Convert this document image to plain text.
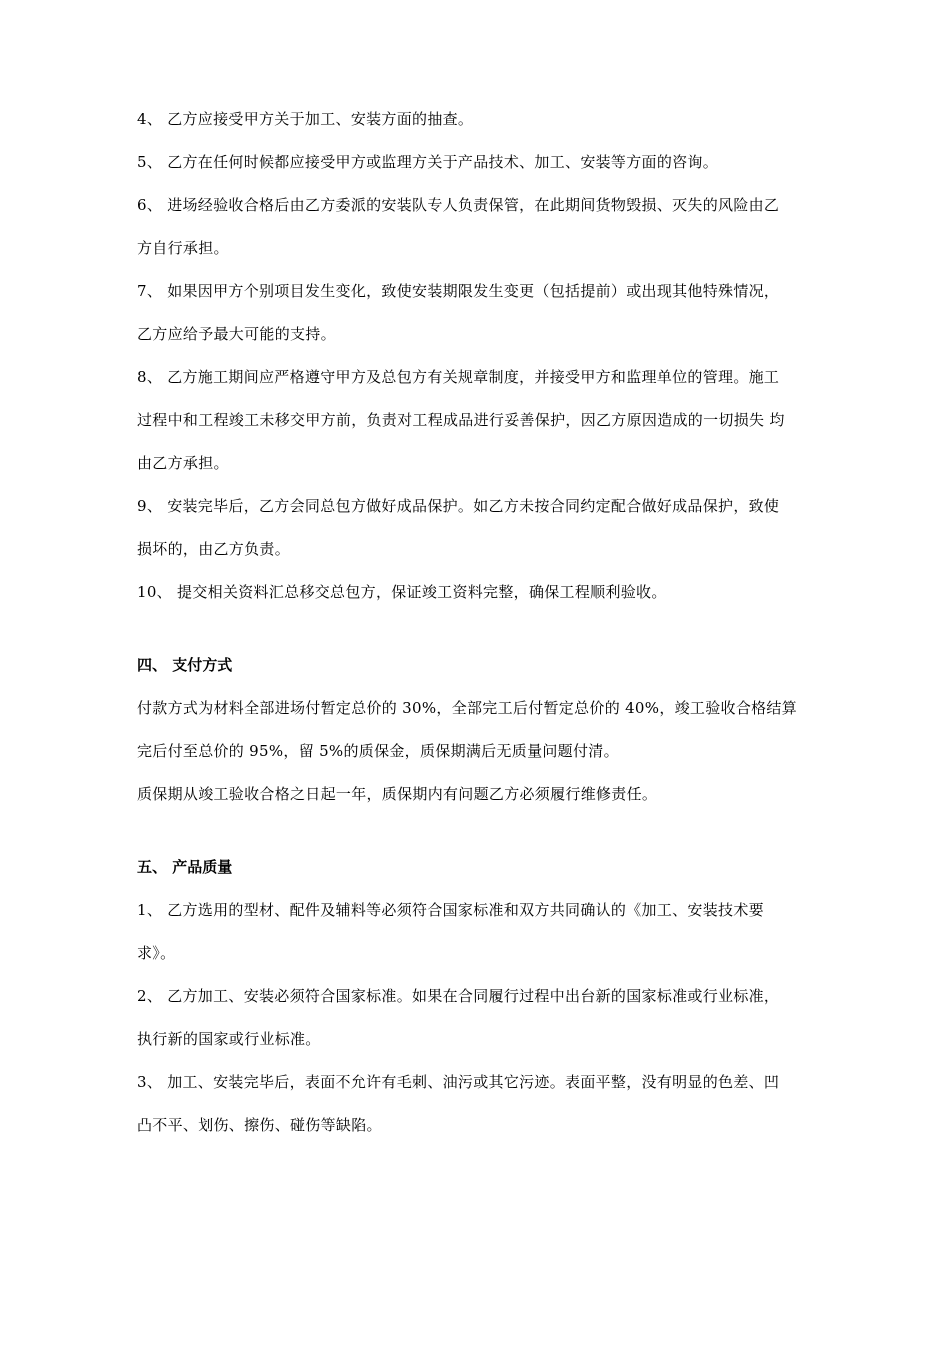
4、 乙方应接受甲方关于加工、安装方面的抽查。

5、 乙方在任何时候都应接受甲方或监理方关于产品技术、加工、安装等方面的咨询。

6、 进场经验收合格后由乙方委派的安装队专人负责保管，在此期间货物毁损、灭失的风险由乙
方自行承担。

7、 如果因甲方个别项目发生变化，致使安装期限发生变更（包括提前）或出现其他特殊情况，
乙方应给予最大可能的支持。

8、 乙方施工期间应严格遵守甲方及总包方有关规章制度，并接受甲方和监理单位的管理。施工
过程中和工程竣工未移交甲方前，负责对工程成品进行妥善保护，因乙方原因造成的一切损失 均
由乙方承担。

9、 安装完毕后，乙方会同总包方做好成品保护。如乙方未按合同约定配合做好成品保护，致使
损坏的，由乙方负责。

10、 提交相关资料汇总移交总包方，保证竣工资料完整，确保工程顺利验收。

四、 支付方式

付款方式为材料全部进场付暂定总价的 30%，全部完工后付暂定总价的 40%，竣工验收合格结算
完后付至总价的 95%，留 5%的质保金，质保期满后无质量问题付清。

质保期从竣工验收合格之日起一年，质保期内有问题乙方必须履行维修责任。

五、 产品质量

1、 乙方选用的型材、配件及辅料等必须符合国家标准和双方共同确认的《加工、安装技术要
求》。

2、 乙方加工、安装必须符合国家标准。如果在合同履行过程中出台新的国家标准或行业标准，
执行新的国家或行业标准。

3、 加工、安装完毕后，表面不允许有毛刺、油污或其它污迹。表面平整，没有明显的色差、凹
凸不平、划伤、擦伤、碰伤等缺陷。
